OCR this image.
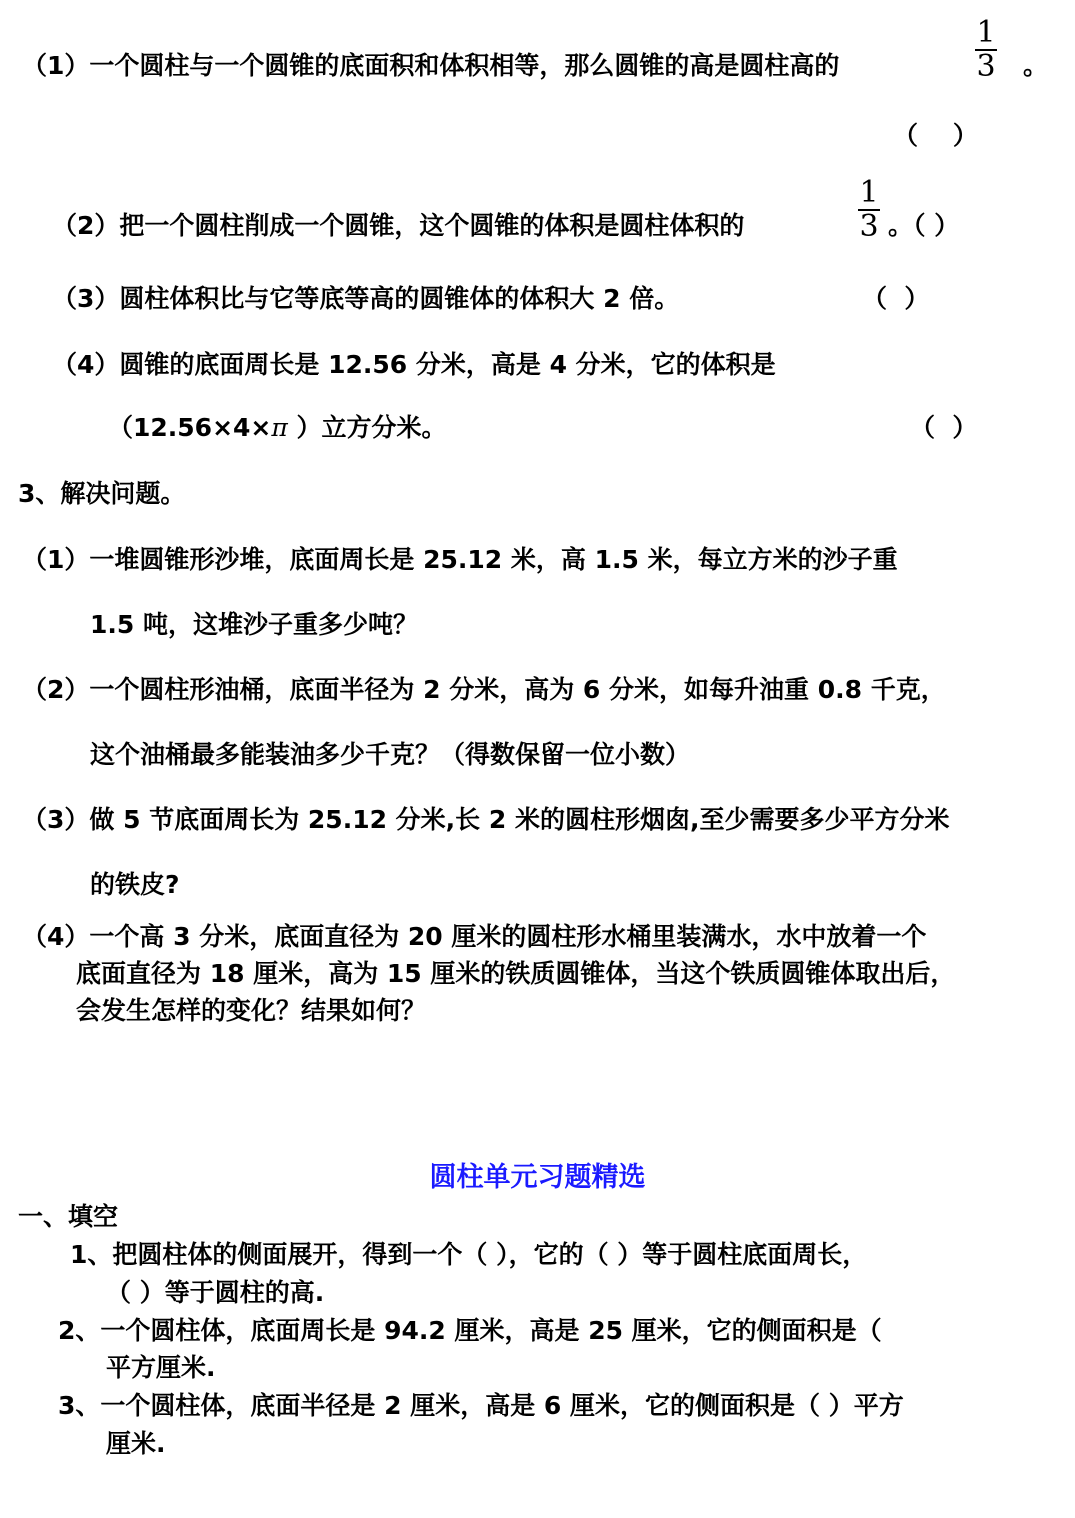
（1）一个圆柱与一个圆锥的底面积和体积相等，那么圆锥的高是圆柱高的
1
3 。
（    ）
（2）把一个圆柱削成一个圆锥，这个圆锥的体积是圆柱体积的
1
3 。（ ）
（3）圆柱体积比与它等底等高的圆锥体的体积大 2 倍。	（  ）
（4）圆锥的底面周长是 12.56 分米，高是 4 分米，它的体积是
（12.56×4×π ）立方分米。	（  ）
3、解决问题。
（1）一堆圆锥形沙堆，底面周长是 25.12 米，高 1.5 米，每立方米的沙子重
1.5 吨，这堆沙子重多少吨？
（2）一个圆柱形油桶，底面半径为 2 分米，高为 6 分米，如每升油重 0.8 千克，
这个油桶最多能装油多少千克？（得数保留一位小数）
（3）做 5 节底面周长为 25.12 分米,长 2 米的圆柱形烟囱,至少需要多少平方分米
的铁皮?
（4）一个高 3 分米，底面直径为 20 厘米的圆柱形水桶里装满水，水中放着一个
底面直径为 18 厘米，高为 15 厘米的铁质圆锥体，当这个铁质圆锥体取出后，
会发生怎样的变化？结果如何？
圆柱单元习题精选
一、填空
1、把圆柱体的侧面展开，得到一个（ ），它的（ ）等于圆柱底面周长，
（ ）等于圆柱的高.
2、一个圆柱体，底面周长是 94.2 厘米，高是 25 厘米，它的侧面积是（
平方厘米.
3、一个圆柱体，底面半径是 2 厘米，高是 6 厘米，它的侧面积是（ ）平方
厘米.
